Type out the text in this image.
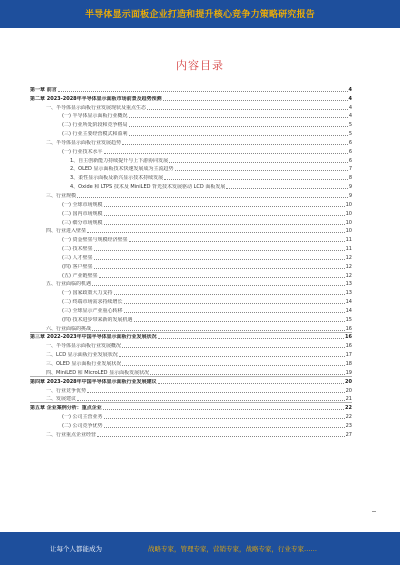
半导体显示面板企业打造和提升核心竞争力策略研究报告
内容目录
第一章 前言	4
第二章 2023-2028年半导体显示面板市场前景及趋势预测	4
一、半导体显示面板行业发展现状及重点生态	4
(一) 半导体显示面板行业概况	4
(二) 行业所处阶段和竞争格局	5
(三) 行业主要经营模式和盈利	5
二、半导体显示面板行业发展趋势	6
(一) 行业技术水平	6
1、自主创新能力持续提升与上下游协同发展	6
2、OLED 显示面板技术快速发展成为主流趋势	7
3、柔性显示面板及新兴显示技术持续发展	8
4、Oxide 和 LTPS 技术及 MiniLED 背光技术发展驱动 LCD 面板发展	9
三、行业规模	9
(一) 全球市场规模	10
(二) 国内市场规模	10
(三) 细分市场规模	10
四、行业进入壁垒	10
(一) 资金壁垒与规模经济壁垒	11
(二) 技术壁垒	11
(三) 人才壁垒	12
(四) 客户壁垒	12
(五) 产业链壁垒	12
五、行业面临的机遇	13
(一) 国家政策大力支持	13
(二) 终端市场需求持续增长	14
(三) 全球显示产业重心转移	14
(四) 技术进步带来新的发展机遇	15
六、行业面临的挑战	16
第三章 2022-2023年中国半导体显示面板行业发展状况	16
一、半导体显示面板行业发展概况	16
二、LCD 显示面板行业发展状况	17
三、OLED 显示面板行业发展状况	18
四、MiniLED 和 MicroLED 显示面板发展状况	19
第四章 2023-2028年中国半导体显示面板行业发展建议	20
一、行业竞争优势	20
二、发展建议	21
第五章 企业案例分析：重点企业	22
(一) 公司主营业务	22
(二) 公司竞争优势	23
二、行业重点企业经营	27
让每个人都能成为	战略专家，管理专家，营销专家，战略专家，行业专家……
